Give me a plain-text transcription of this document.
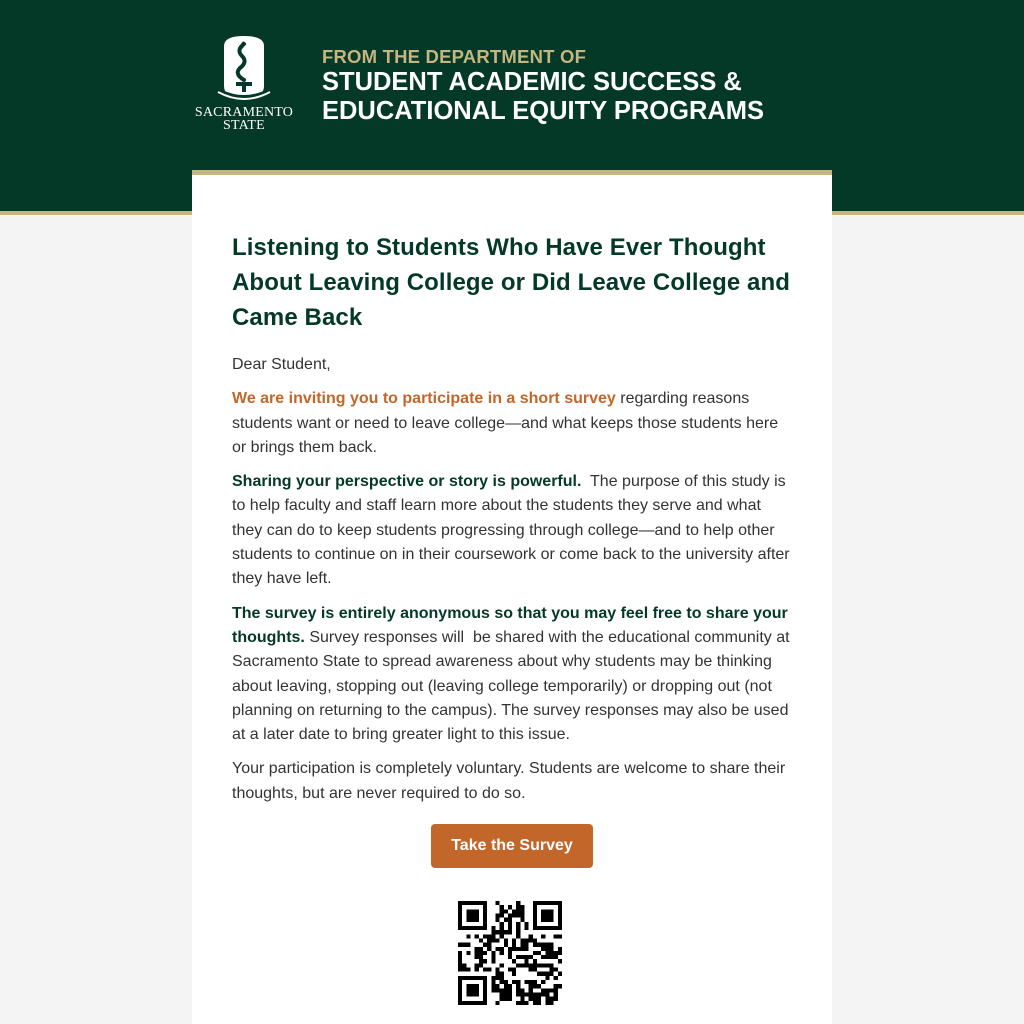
SACRAMENTO
STATE
FROM THE DEPARTMENT OF
STUDENT ACADEMIC SUCCESS &
EDUCATIONAL EQUITY PROGRAMS
Listening to Students Who Have Ever Thought About Leaving College or Did Leave College and Came Back

Dear Student,

We are inviting you to participate in a short survey regarding reasons students want or need to leave college—and what keeps those students here or brings them back.

Sharing your perspective or story is powerful.  The purpose of this study is to help faculty and staff learn more about the students they serve and what they can do to keep students progressing through college—and to help other students to continue on in their coursework or come back to the university after they have left.

The survey is entirely anonymous so that you may feel free to share your thoughts. Survey responses will  be shared with the educational community at Sacramento State to spread awareness about why students may be thinking about leaving, stopping out (leaving college temporarily) or dropping out (not planning on returning to the campus). The survey responses may also be used at a later date to bring greater light to this issue.

Your participation is completely voluntary. Students are welcome to share their thoughts, but are never required to do so.

Take the Survey
